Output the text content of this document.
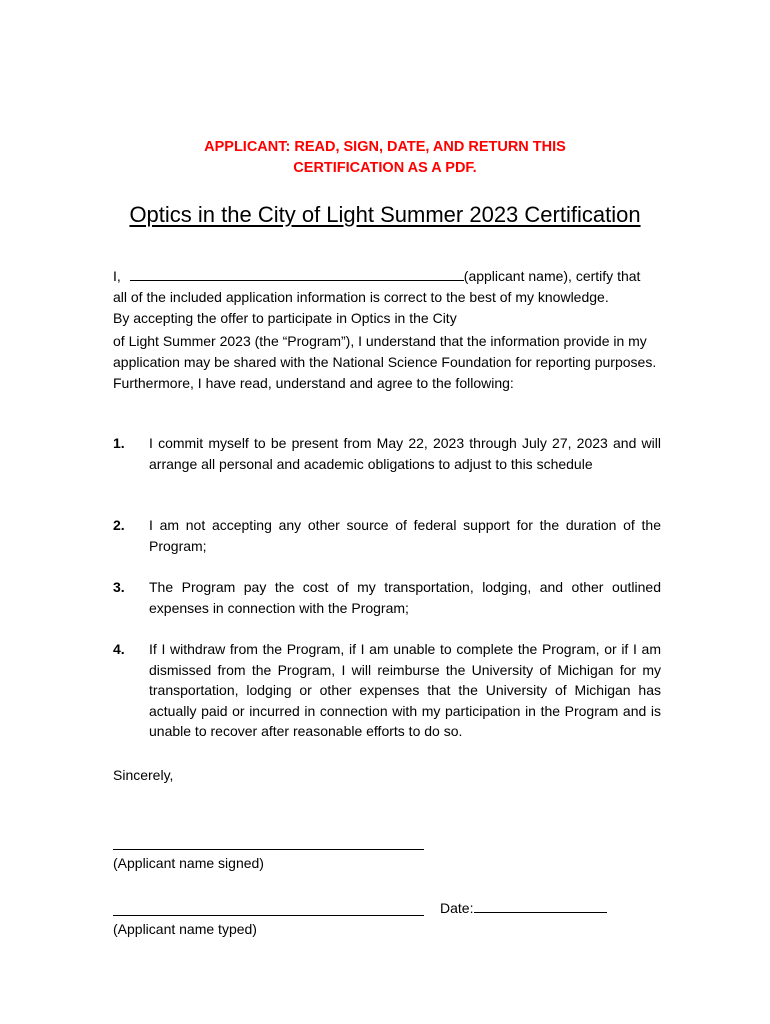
APPLICANT: READ, SIGN, DATE, AND RETURN THIS
CERTIFICATION AS A PDF.
Optics in the City of Light Summer 2023 Certification

I,	(applicant name), certify that

all of the included application information is correct to the best of my knowledge.

By accepting the offer to participate in Optics in the City

of Light Summer 2023 (the “Program”), I understand that the information provide in my application may be shared with the National Science Foundation for reporting purposes. Furthermore, I have read, understand and agree to the following:

1.	I commit myself to be present from May 22, 2023 through July 27, 2023 and will arrange all personal and academic obligations to adjust to this schedule
2.	I am not accepting any other source of federal support for the duration of the Program;
3.	The Program pay the cost of my transportation, lodging, and other outlined expenses in connection with the Program;
4.	If I withdraw from the Program, if I am unable to complete the Program, or if I am dismissed from the Program, I will reimburse the University of Michigan for my transportation, lodging or other expenses that the University of Michigan has actually paid or incurred in connection with my participation in the Program and is unable to recover after reasonable efforts to do so.
Sincerely,
(Applicant name signed)
(Applicant name typed)
Date:
